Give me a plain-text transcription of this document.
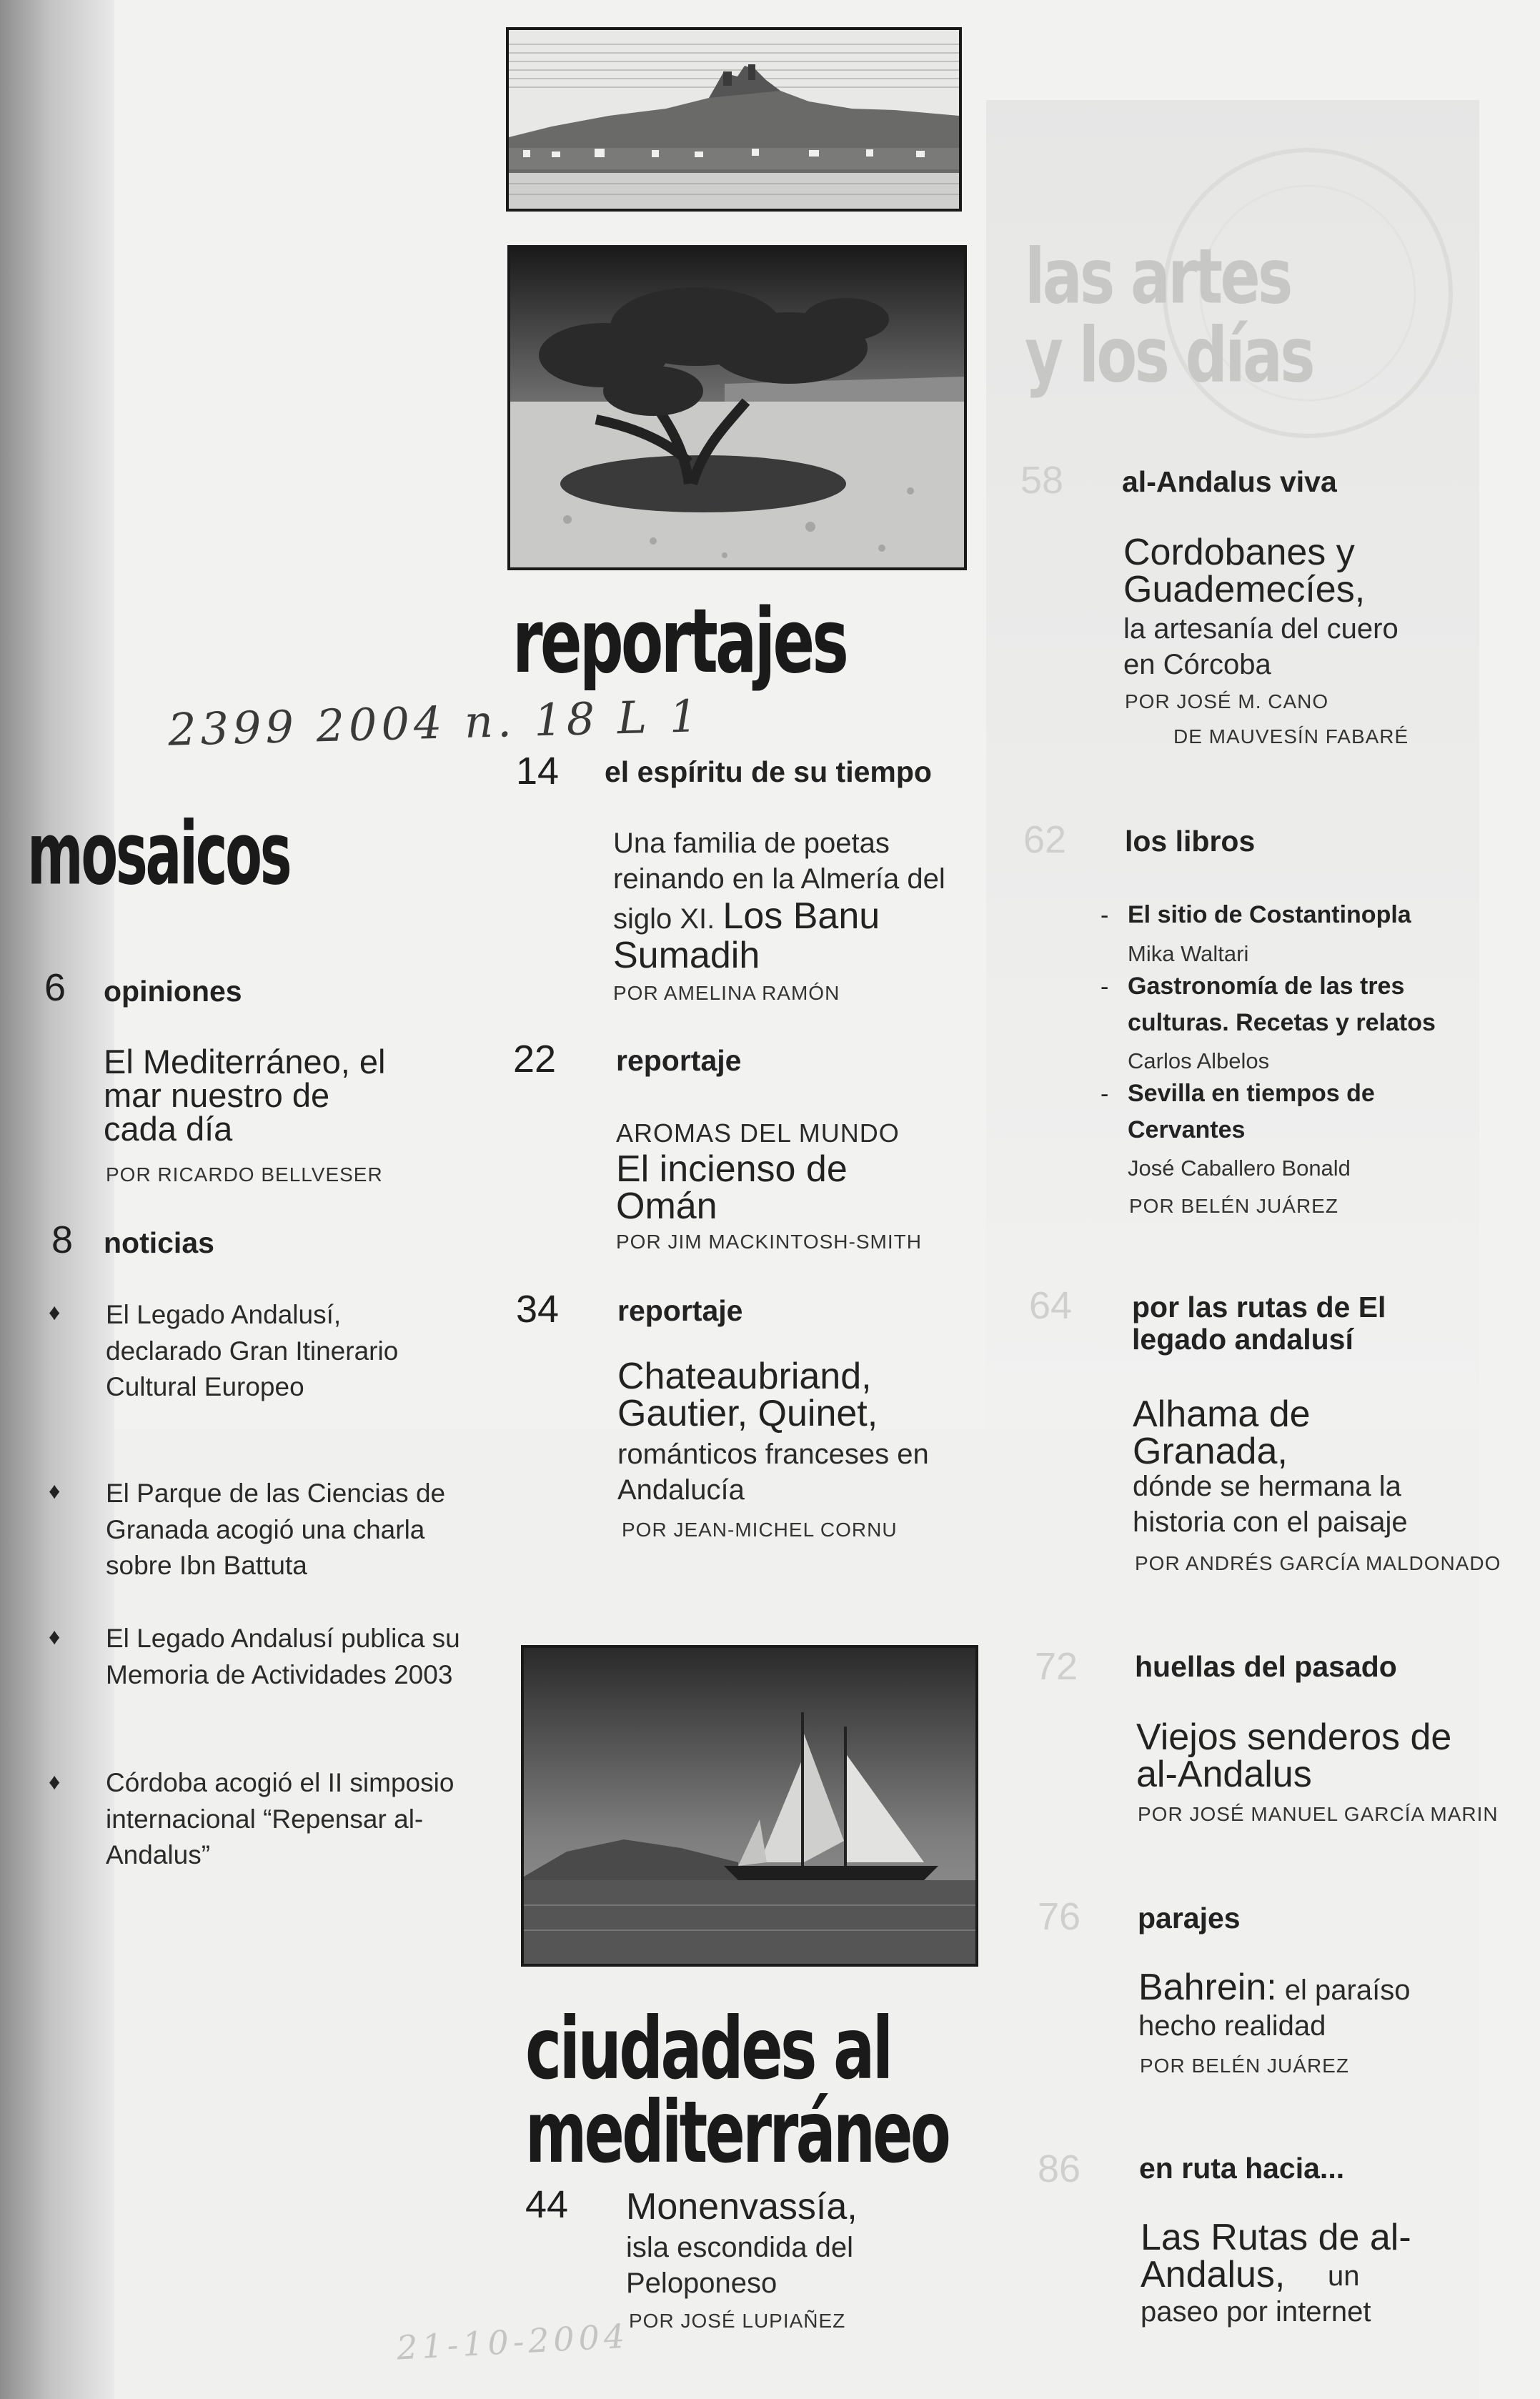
reportajes
mosaicos
las artes
y los días
ciudades al
mediterráneo
2399 2004 n. 18 L 1
21-10-2004
14 el espíritu de su tiempo
Una familia de poetas reinando en la Almería del siglo XI. Los Banu Sumadih
POR AMELINA RAMÓN
22 reportaje
AROMAS DEL MUNDO
El incienso de Omán
POR JIM MACKINTOSH-SMITH
34 reportaje
Chateaubriand, Gautier, Quinet,
románticos franceses en Andalucía
POR JEAN-MICHEL CORNU
6 opiniones
El Mediterráneo, el mar nuestro de cada día
POR RICARDO BELLVESER
8 noticias
♦ El Legado Andalusí, declarado Gran Itinerario Cultural Europeo
♦ El Parque de las Ciencias de Granada acogió una charla sobre Ibn Battuta
♦ El Legado Andalusí publica su Memoria de Actividades 2003
♦ Córdoba acogió el II simposio internacional “Repensar al-Andalus”
44 Monenvassía,
isla escondida del Peloponeso
POR JOSÉ LUPIAÑEZ
58 al-Andalus viva
Cordobanes y Guademecíes,
la artesanía del cuero en Córcoba
POR JOSÉ M. CANO
DE MAUVESÍN FABARÉ
62 los libros
- El sitio de Costantinopla
Mika Waltari
- Gastronomía de las tres culturas. Recetas y relatos
Carlos Albelos
- Sevilla en tiempos de Cervantes
José Caballero Bonald
POR BELÉN JUÁREZ
64 por las rutas de El legado andalusí
Alhama de Granada,
dónde se hermana la historia con el paisaje
POR ANDRÉS GARCÍA MALDONADO
72 huellas del pasado
Viejos senderos de al-Andalus
POR JOSÉ MANUEL GARCÍA MARIN
76 parajes
Bahrein: el paraíso hecho realidad
POR BELÉN JUÁREZ
86 en ruta hacia...
Las Rutas de al-Andalus,	un
paseo por internet
